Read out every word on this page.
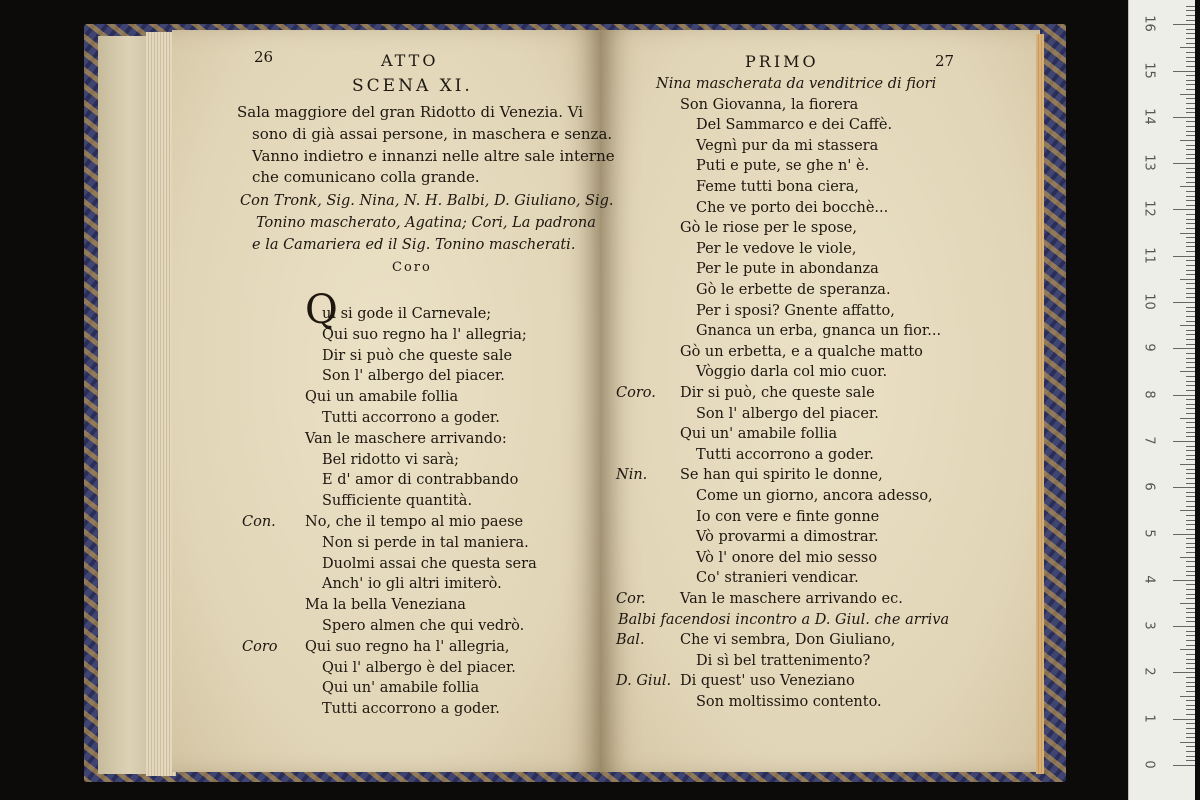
26	ATTO
SCENA XI.
Sala maggiore del gran Ridotto di Venezia. Vi
sono di già assai persone, in maschera e senza.
Vanno indietro e innanzi nelle altre sale interne
che comunicano colla grande.
Con Tronk, Sig. Nina, N. H. Balbi, D. Giuliano, Sig.
Tonino mascherato, Agatina; Cori, La padrona
e la Camariera ed il Sig. Tonino mascherati.
Coro
Q
0
1
2
3
4
5
6
7
8
9
10
11
12
13
14
15
16
ui si gode il Carnevale;
Qui suo regno ha l' allegria;
Dir si può che queste sale
Son l' albergo del piacer.
Qui un amabile follia
Tutti accorrono a goder.
Van le maschere arrivando:
Bel ridotto vi sarà;
E d' amor di contrabbando
Sufficiente quantità.
No, che il tempo al mio paese
Con.
Non si perde in tal maniera.
Duolmi assai che questa sera
Anch' io gli altri imiterò.
Ma la bella Veneziana
Spero almen che qui vedrò.
Qui suo regno ha l' allegria,
Coro
Qui l' albergo è del piacer.
Qui un' amabile follia
Tutti accorrono a goder.
27
PRIMO
Nina mascherata da venditrice di fiori
Son Giovanna, la fiorera
Del Sammarco e dei Caffè.
Vegnì pur da mi stassera
Puti e pute, se ghe n' è.
Feme tutti bona ciera,
Che ve porto dei bocchè...
Gò le riose per le spose,
Per le vedove le viole,
Per le pute in abondanza
Gò le erbette de speranza.
Per i sposi? Gnente affatto,
Gnanca un erba, gnanca un fior...
Gò un erbetta, e a qualche matto
Vòggio darla col mio cuor.
Dir si può, che queste sale
Coro.
Son l' albergo del piacer.
Qui un' amabile follia
Tutti accorrono a goder.
Se han qui spirito le donne,
Nin.
Come un giorno, ancora adesso,
Io con vere e finte gonne
Vò provarmi a dimostrar.
Vò l' onore del mio sesso
Co' stranieri vendicar.
Van le maschere arrivando ec.
Cor.
Balbi facendosi incontro a D. Giul. che arriva
Che vi sembra, Don Giuliano,
Bal.
Di sì bel trattenimento?
Di quest' uso Veneziano
D. Giul.
Son moltissimo contento.
